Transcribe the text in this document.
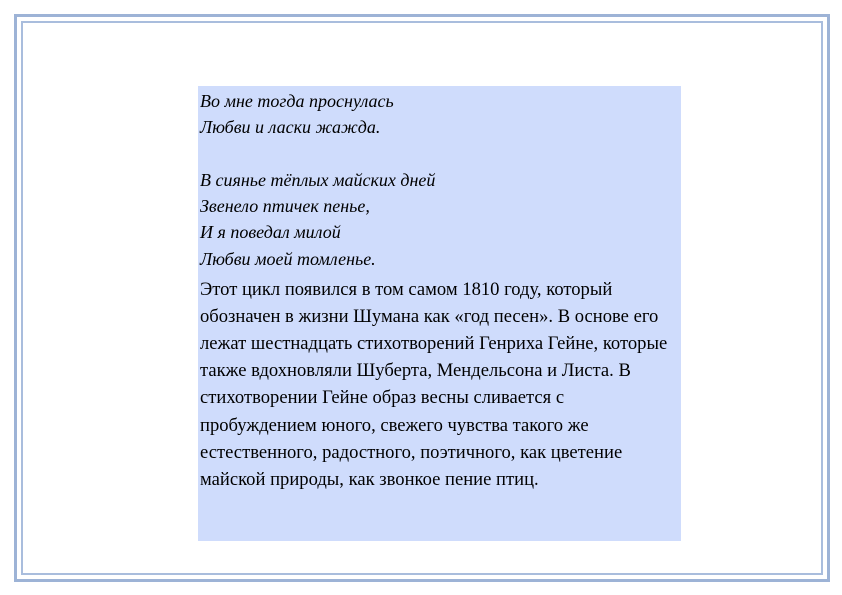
Во мне тогда проснулась
Любви и ласки жажда.
В сиянье тёплых майских дней
Звенело птичек пенье,
И я поведал милой
Любви моей томленье.

Этот цикл появился в том самом 1810 году, который обозначен в жизни Шумана как «год песен». В основе его лежат шестнадцать стихотворений Генриха Гейне, которые также вдохновляли Шуберта, Мендельсона и Листа. В стихотворении Гейне образ весны сливается с пробуждением юного, свежего чувства такого же естественного, радостного, поэтичного, как цветение майской природы, как звонкое пение птиц.
